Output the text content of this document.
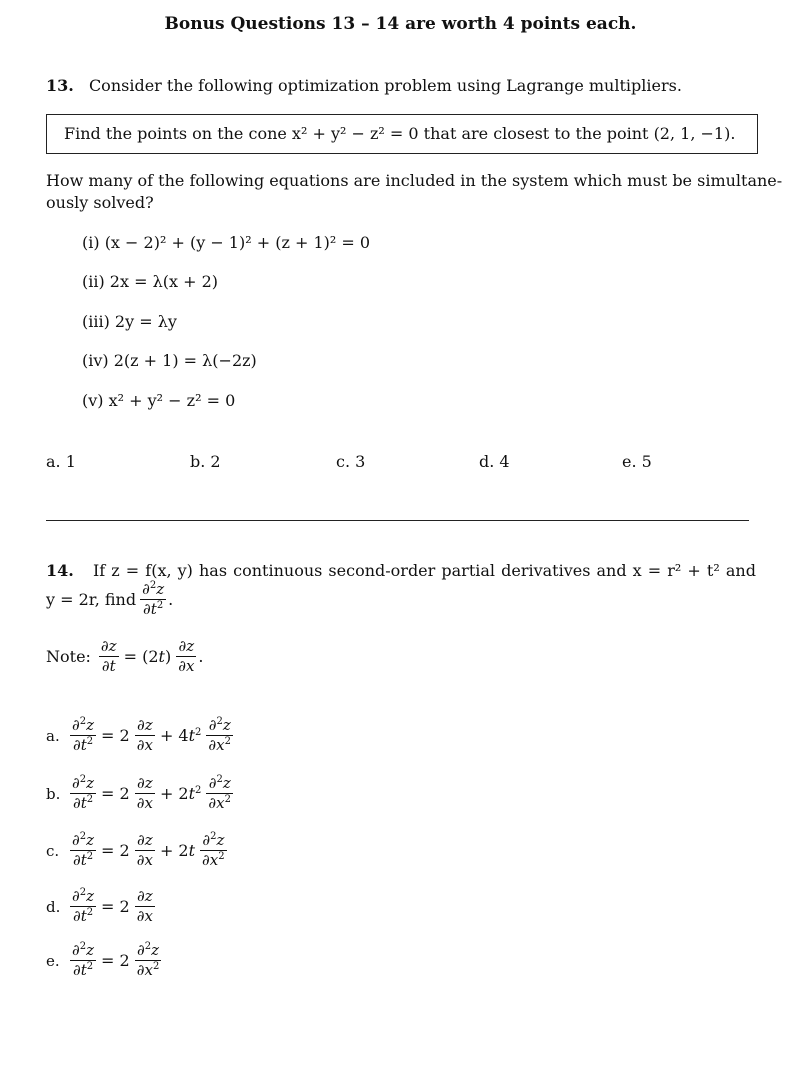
Bonus Questions 13 – 14 are worth 4 points each.
13. Consider the following optimization problem using Lagrange multipliers.
Find the points on the cone x² + y² − z² = 0 that are closest to the point (2, 1, −1).
How many of the following equations are included in the system which must be simultane-
ously solved?
(i) (x − 2)² + (y − 1)² + (z + 1)² = 0
(ii) 2x = λ(x + 2)
(iii) 2y = λy
(iv) 2(z + 1) = λ(−2z)
(v) x² + y² − z² = 0
a. 1	b. 2	c. 3	d. 4	e. 5
14. If z = f(x, y) has continuous second-order partial derivatives and x = r² + t² and
y = 2r, find $\frac{\partial^2z}{\partial t^2}$ .
Note: $\frac{\partial z}{\partial t} = (2t) \frac{\partial z}{\partial x}$ .
a. $\frac{\partial^2z}{\partial t^2} = 2 \frac{\partial z}{\partial x} + 4t^2 \frac{\partial^2z}{\partial x^2}$
b. $\frac{\partial^2z}{\partial t^2} = 2 \frac{\partial z}{\partial x} + 2t^2 \frac{\partial^2z}{\partial x^2}$
c. $\frac{\partial^2z}{\partial t^2} = 2 \frac{\partial z}{\partial x} + 2t \frac{\partial^2z}{\partial x^2}$
d. $\frac{\partial^2z}{\partial t^2} = 2 \frac{\partial z}{\partial x}$
e. $\frac{\partial^2z}{\partial t^2} = 2 \frac{\partial^2z}{\partial x^2}$
∂²z/∂t² = 2 ∂z/∂x + 4t² ∂²z/∂x² ∂²z/∂t² = 2 ∂z/∂x + 2t² ∂²z/∂x² ∂²z/∂t² = 2 ∂z/∂x + 2t ∂²z/∂x² ∂²z/∂t² = 2 ∂z/∂x ∂²z/∂t² = 2 ∂²z/∂x²
